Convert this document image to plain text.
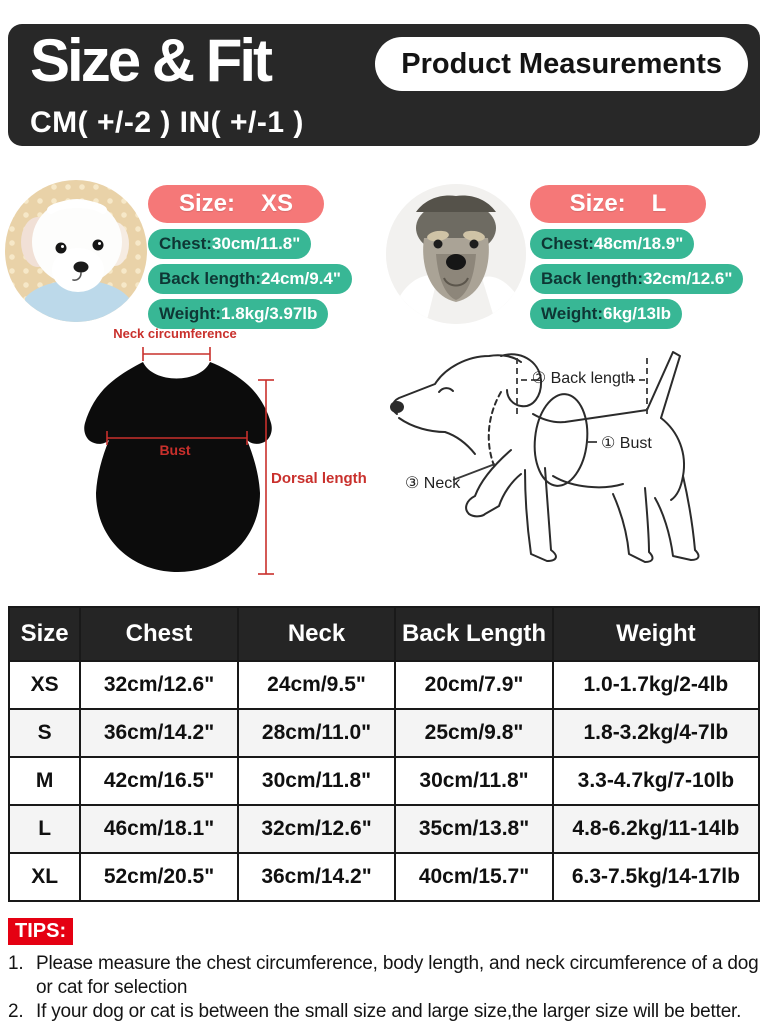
Size & Fit	Product Measurements
CM( +/-2 ) IN( +/-1 )
Size: XS
Chest: 30cm/11.8"
Back length: 24cm/9.4"
Weight: 1.8kg/3.97lb
Size: L
Chest: 48cm/18.9"
Back length: 32cm/12.6"
Weight: 6kg/13lb
Neck circumference
Bust
Dorsal length
② Back length
① Bust
③ Neck
Size	Chest	Neck	Back Length	Weight
XS	32cm/12.6"	24cm/9.5"	20cm/7.9"	1.0-1.7kg/2-4lb
S	36cm/14.2"	28cm/11.0"	25cm/9.8"	1.8-3.2kg/4-7lb
M	42cm/16.5"	30cm/11.8"	30cm/11.8"	3.3-4.7kg/7-10lb
L	46cm/18.1"	32cm/12.6"	35cm/13.8"	4.8-6.2kg/11-14lb
XL	52cm/20.5"	36cm/14.2"	40cm/15.7"	6.3-7.5kg/14-17lb
TIPS:
1. Please measure the chest circumference, body length, and neck circumference of a dog or cat for selection
2. If your dog or cat is between the small size and large size,the larger size will be better.
